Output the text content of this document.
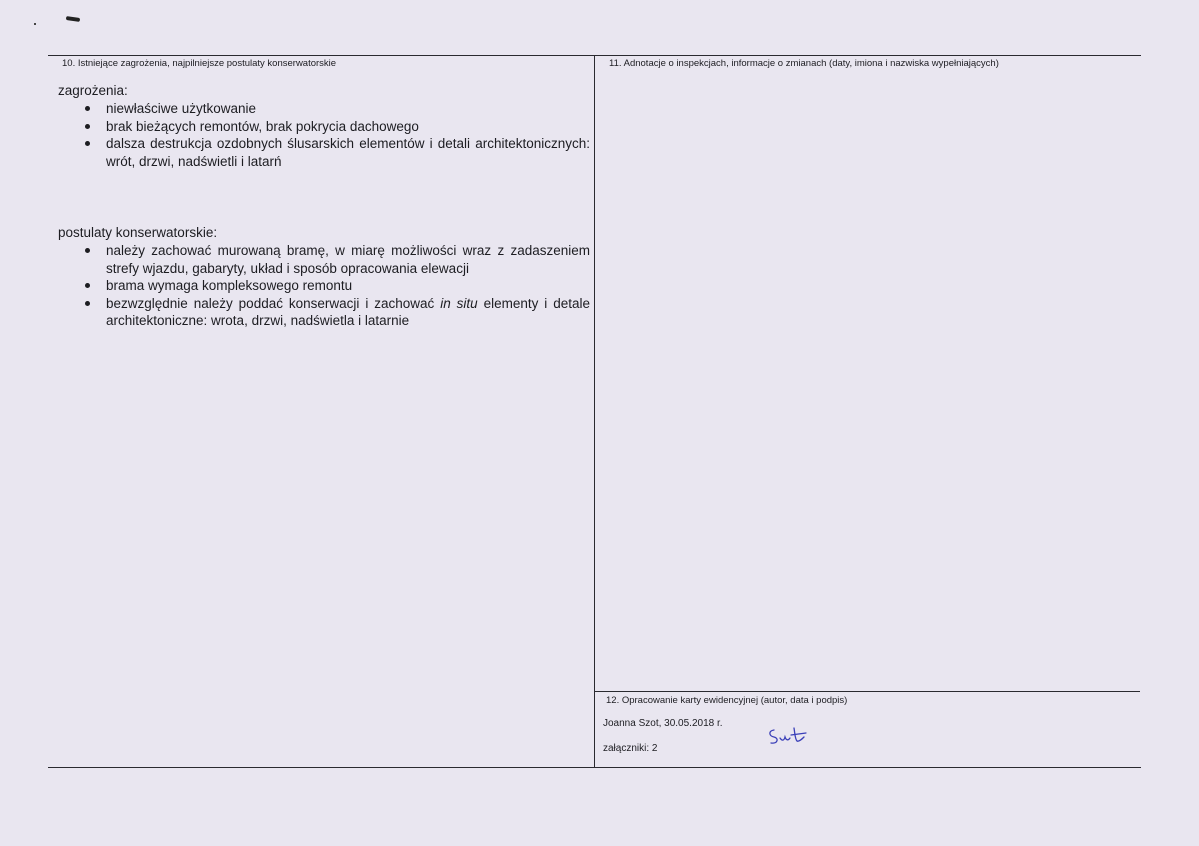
10. Istniejące zagrożenia, najpilniejsze postulaty konserwatorskie
zagrożenia:
niewłaściwe użytkowanie
brak bieżących remontów, brak pokrycia dachowego
dalsza destrukcja ozdobnych ślusarskich elementów i detali architektonicznych: wrót, drzwi, nadświetli i latarń
postulaty konserwatorskie:
należy zachować murowaną bramę, w miarę możliwości wraz z zadaszeniem strefy wjazdu, gabaryty, układ i sposób opracowania elewacji
brama wymaga kompleksowego remontu
bezwzględnie należy poddać konserwacji i zachować in situ elementy i detale architektoniczne: wrota, drzwi, nadświetla i latarnie
11. Adnotacje o inspekcjach, informacje o zmianach (daty, imiona i nazwiska wypełniających)
12. Opracowanie karty ewidencyjnej (autor, data i podpis)
Joanna Szot, 30.05.2018 r.
załączniki: 2
